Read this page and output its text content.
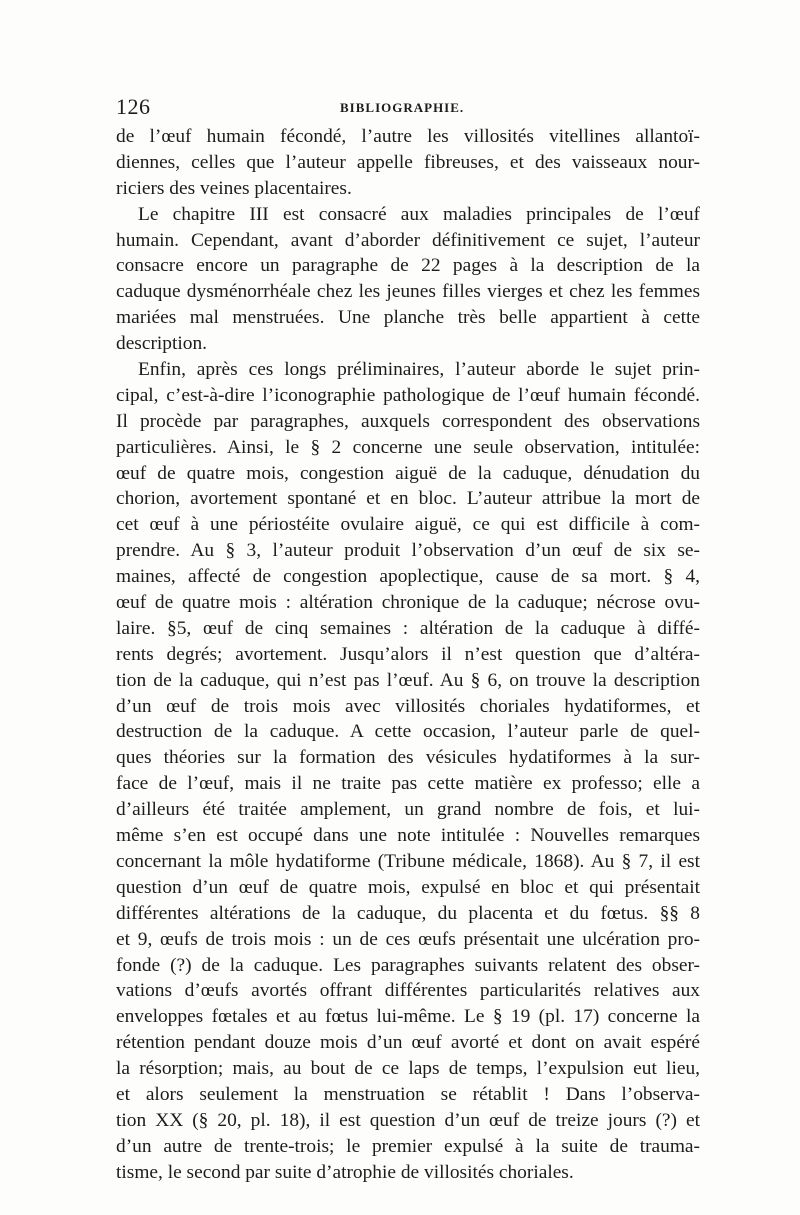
126	BIBLIOGRAPHIE.
de l’œuf humain fécondé, l’autre les villosités vitellines allantoï-
diennes, celles que l’auteur appelle fibreuses, et des vaisseaux nour-
riciers des veines placentaires.
Le chapitre III est consacré aux maladies principales de l’œuf
humain. Cependant, avant d’aborder définitivement ce sujet, l’auteur
consacre encore un paragraphe de 22 pages à la description de la
caduque dysménorrhéale chez les jeunes filles vierges et chez les femmes
mariées mal menstruées. Une planche très belle appartient à cette
description.
Enfin, après ces longs préliminaires, l’auteur aborde le sujet prin-
cipal, c’est-à-dire l’iconographie pathologique de l’œuf humain fécondé.
Il procède par paragraphes, auxquels correspondent des observations
particulières. Ainsi, le § 2 concerne une seule observation, intitulée:
œuf de quatre mois, congestion aiguë de la caduque, dénudation du
chorion, avortement spontané et en bloc. L’auteur attribue la mort de
cet œuf à une périostéite ovulaire aiguë, ce qui est difficile à com-
prendre. Au § 3, l’auteur produit l’observation d’un œuf de six se-
maines, affecté de congestion apoplectique, cause de sa mort. § 4,
œuf de quatre mois : altération chronique de la caduque; nécrose ovu-
laire. §5, œuf de cinq semaines : altération de la caduque à diffé-
rents degrés; avortement. Jusqu’alors il n’est question que d’altéra-
tion de la caduque, qui n’est pas l’œuf. Au § 6, on trouve la description
d’un œuf de trois mois avec villosités choriales hydatiformes, et
destruction de la caduque. A cette occasion, l’auteur parle de quel-
ques théories sur la formation des vésicules hydatiformes à la sur-
face de l’œuf, mais il ne traite pas cette matière ex professo; elle a
d’ailleurs été traitée amplement, un grand nombre de fois, et lui-
même s’en est occupé dans une note intitulée : Nouvelles remarques
concernant la môle hydatiforme (Tribune médicale, 1868). Au § 7, il est
question d’un œuf de quatre mois, expulsé en bloc et qui présentait
différentes altérations de la caduque, du placenta et du fœtus. §§ 8
et 9, œufs de trois mois : un de ces œufs présentait une ulcération pro-
fonde (?) de la caduque. Les paragraphes suivants relatent des obser-
vations d’œufs avortés offrant différentes particularités relatives aux
enveloppes fœtales et au fœtus lui-même. Le § 19 (pl. 17) concerne la
rétention pendant douze mois d’un œuf avorté et dont on avait espéré
la résorption; mais, au bout de ce laps de temps, l’expulsion eut lieu,
et alors seulement la menstruation se rétablit ! Dans l’observa-
tion XX (§ 20, pl. 18), il est question d’un œuf de treize jours (?) et
d’un autre de trente-trois; le premier expulsé à la suite de trauma-
tisme, le second par suite d’atrophie de villosités choriales.
